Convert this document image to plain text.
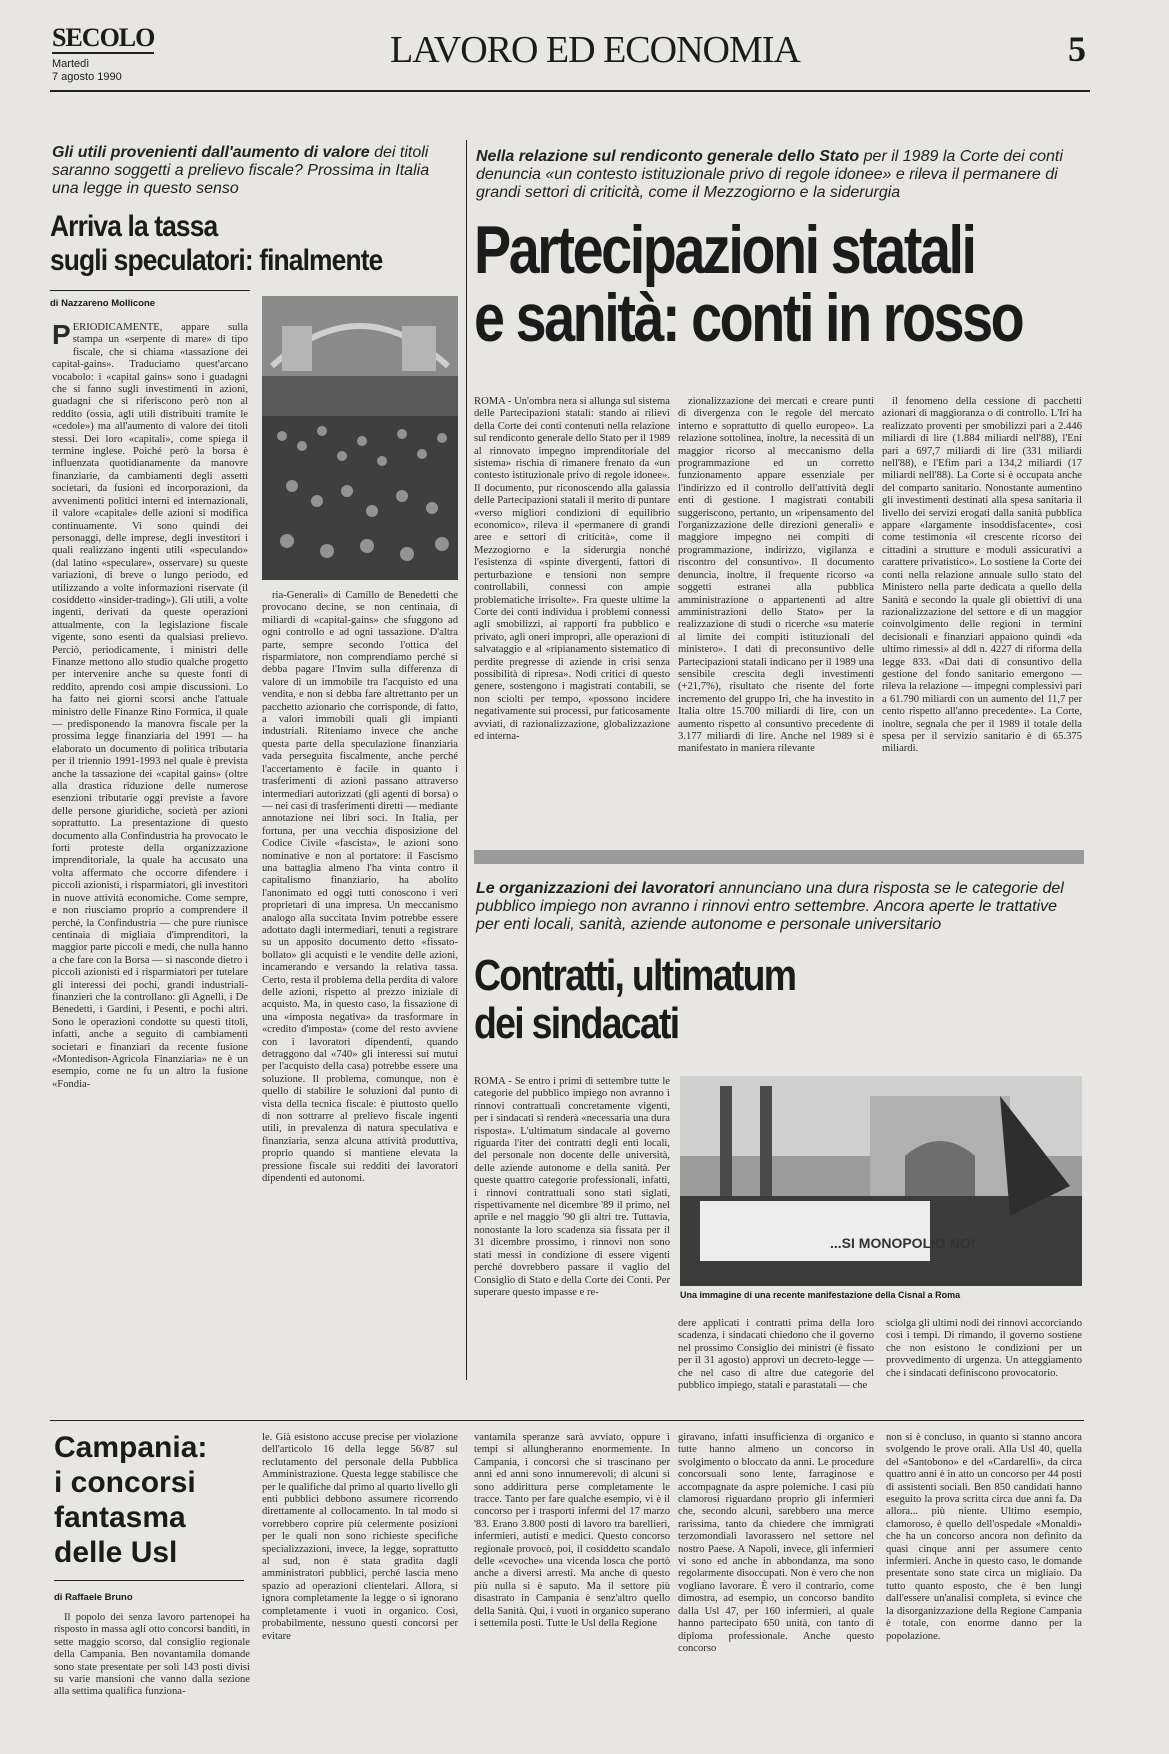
SECOLO
Martedì
7 agosto 1990
LAVORO ED ECONOMIA	5
Gli utili provenienti dall'aumento di valore dei titoli saranno soggetti a prelievo fiscale? Prossima in Italia una legge in questo senso
Arriva la tassa
sugli speculatori: finalmente
di Nazzareno Mollicone

PERIODICAMENTE, appare sulla stampa un «serpente di mare» di tipo fiscale, che si chiama «tassazione dei capital-gains». Traduciamo quest'arcano vocabolo: i «capital gains» sono i guadagni che si fanno sugli investimenti in azioni, guadagni che si riferiscono però non al reddito (ossia, agli utili distribuiti tramite le «cedole») ma all'aumento di valore dei titoli stessi. Dei loro «capitali», come spiega il termine inglese. Poiché però la borsa è influenzata quotidianamente da manovre finanziarie, da cambiamenti degli assetti societari, da fusioni ed incorporazioni, da avvenimenti politici interni ed internazionali, il valore «capitale» delle azioni si modifica continuamente. Vi sono quindi dei personaggi, delle imprese, degli investitori i quali realizzano ingenti utili «speculando» (dal latino «speculare», osservare) su queste variazioni, di breve o lungo periodo, ed utilizzando a volte informazioni riservate (il cosiddetto «insider-trading»). Gli utili, a volte ingenti, derivati da queste operazioni attualmente, con la legislazione fiscale vigente, sono esenti da qualsiasi prelievo. Perciò, periodicamente, i ministri delle Finanze mettono allo studio qualche progetto per intervenire anche su queste fonti di reddito, aprendo così ampie discussioni. Lo ha fatto nei giorni scorsi anche l'attuale ministro delle Finanze Rino Formica, il quale — predisponendo la manovra fiscale per la prossima legge finanziaria del 1991 — ha elaborato un documento di politica tributaria per il triennio 1991-1993 nel quale è prevista anche la tassazione dei «capital gains» (oltre alla drastica riduzione delle numerose esenzioni tributarie oggi previste a favore delle persone giuridiche, società per azioni soprattutto. La presentazione di questo documento alla Confindustria ha provocato le forti proteste della organizzazione imprenditoriale, la quale ha accusato una volta affermato che occorre difendere i piccoli azionisti, i risparmiatori, gli investitori in nuove attività economiche. Come sempre, e non riusciamo proprio a comprendere il perché, la Confindustria — che pure riunisce centinaia di migliaia d'imprenditori, la maggior parte piccoli e medi, che nulla hanno a che fare con la Borsa — si nasconde dietro i piccoli azionisti ed i risparmiatori per tutelare gli interessi dei pochi, grandi industriali-finanzieri che la controllano: gli Agnelli, i De Benedetti, i Gardini, i Pesenti, e pochi altri. Sono le operazioni condotte su questi titoli, infatti, anche a seguito di cambiamenti societari e finanziari da recente fusione «Montedison-Agricola Finanziaria» ne è un esempio, come ne fu un altro la fusione «Fondia-

ria-Generali» di Camillo de Benedetti che provocano decine, se non centinaia, di miliardi di «capital-gains» che sfuggono ad ogni controllo e ad ogni tassazione. D'altra parte, sempre secondo l'ottica del risparmiatore, non comprendiamo perché si debba pagare l'Invim sulla differenza di valore di un immobile tra l'acquisto ed una vendita, e non si debba fare altrettanto per un pacchetto azionario che corrisponde, di fatto, a valori immobili quali gli impianti industriali. Riteniamo invece che anche questa parte della speculazione finanziaria vada perseguita fiscalmente, anche perché l'accertamento è facile in quanto i trasferimenti di azioni passano attraverso intermediari autorizzati (gli agenti di borsa) o — nei casi di trasferimenti diretti — mediante annotazione nei libri soci. In Italia, per fortuna, per una vecchia disposizione del Codice Civile «fascista», le azioni sono nominative e non al portatore: il Fascismo una battaglia almeno l'ha vinta contro il capitalismo finanziario, ha abolito l'anonimato ed oggi tutti conoscono i veri proprietari di una impresa. Un meccanismo analogo alla succitata Invim potrebbe essere adottato dagli intermediari, tenuti a registrare su un apposito documento detto «fissato-bollato» gli acquisti e le vendite delle azioni, incamerando e versando la relativa tassa. Certo, resta il problema della perdita di valore delle azioni, rispetto al prezzo iniziale di acquisto. Ma, in questo caso, la fissazione di una «imposta negativa» da trasformare in «credito d'imposta» (come del resto avviene con i lavoratori dipendenti, quando detraggono dal «740» gli interessi sui mutui per l'acquisto della casa) potrebbe essere una soluzione. Il problema, comunque, non è quello di stabilire le soluzioni dal punto di vista della tecnica fiscale: è piuttosto quello di non sottrarre al prelievo fiscale ingenti utili, in prevalenza di natura speculativa e finanziaria, senza alcuna attività produttiva, proprio quando si mantiene elevata la pressione fiscale sui redditi dei lavoratori dipendenti ed autonomi.

Nella relazione sul rendiconto generale dello Stato per il 1989 la Corte dei conti denuncia «un contesto istituzionale privo di regole idonee» e rileva il permanere di grandi settori di criticità, come il Mezzogiorno e la siderurgia
Partecipazioni statali
e sanità: conti in rosso

ROMA - Un'ombra nera si allunga sul sistema delle Partecipazioni statali: stando ai rilievi della Corte dei conti contenuti nella relazione sul rendiconto generale dello Stato per il 1989 al rinnovato impegno imprenditoriale del sistema» rischia di rimanere frenato da «un contesto istituzionale privo di regole idonee». Il documento, pur riconoscendo alla galassia delle Partecipazioni statali il merito di puntare «verso migliori condizioni di equilibrio economico», rileva il «permanere di grandi aree e settori di criticità», come il Mezzogiorno e la siderurgia nonché l'esistenza di «spinte divergenti, fattori di perturbazione e tensioni non sempre controllabili, connessi con ampie problematiche irrisolte». Fra queste ultime la Corte dei conti individua i problemi connessi agli smobilizzi, ai rapporti fra pubblico e privato, agli oneri impropri, alle operazioni di salvataggio e al «ripianamento sistematico di perdite pregresse di aziende in crisi senza possibilità di ripresa». Nodi critici di questo genere, sostengono i magistrati contabili, se non sciolti per tempo, «possono incidere negativamente sui processi, pur faticosamente avviati, di razionalizzazione, globalizzazione ed interna-

zionalizzazione dei mercati e creare punti di divergenza con le regole del mercato interno e soprattutto di quello europeo». La relazione sottolinea, inoltre, la necessità di un maggior ricorso al meccanismo della programmazione ed un corretto funzionamento appare essenziale per l'indirizzo ed il controllo dell'attività degli enti di gestione. I magistrati contabili suggeriscono, pertanto, un «ripensamento del l'organizzazione delle direzioni generali» e maggiore impegno nei compiti di programmazione, indirizzo, vigilanza e riscontro del consuntivo». Il documento denuncia, inoltre, il frequente ricorso «a soggetti estranei alla pubblica amministrazione o appartenenti ad altre amministrazioni dello Stato» per la realizzazione di studi o ricerche «su materie al limite dei compiti istituzionali del ministero». I dati di preconsuntivo delle Partecipazioni statali indicano per il 1989 una sensibile crescita degli investimenti (+21,7%), risultato che risente del forte incremento del gruppo Iri, che ha investito in Italia oltre 15.700 miliardi di lire, con un aumento rispetto al consuntivo precedente di 3.177 miliardi di lire. Anche nel 1989 si è manifestato in maniera rilevante

il fenomeno della cessione di pacchetti azionari di maggioranza o di controllo. L'Iri ha realizzato proventi per smobilizzi pari a 2.446 miliardi di lire (1.884 miliardi nell'88), l'Eni pari a 697,7 miliardi di lire (331 miliardi nell'88), e l'Efim pari a 134,2 miliardi (17 miliardi nell'88). La Corte si è occupata anche del comparto sanitario. Nonostante aumentino gli investimenti destinati alla spesa sanitaria il livello dei servizi erogati dalla sanità pubblica appare «largamente insoddisfacente», così come testimonia «il crescente ricorso dei cittadini a strutture e moduli assicurativi a carattere privatistico». Lo sostiene la Corte dei conti nella relazione annuale sullo stato del Ministero nella parte dedicata a quello della Sanità e secondo la quale gli obiettivi di una razionalizzazione del settore e di un maggior coinvolgimento delle regioni in termini decisionali e finanziari appaiono quindi «da ultimo rimessi» al ddl n. 4227 di riforma della legge 833. «Dai dati di consuntivo della gestione del fondo sanitario emergono — rileva la relazione — impegni complessivi pari a 61.790 miliardi con un aumento del 11,7 per cento rispetto all'anno precedente». La Corte, inoltre, segnala che per il 1989 il totale della spesa per il servizio sanitario è di 65.375 miliardi.

Le organizzazioni dei lavoratori annunciano una dura risposta se le categorie del pubblico impiego non avranno i rinnovi entro settembre. Ancora aperte le trattative per enti locali, sanità, aziende autonome e personale universitario
Contratti, ultimatum
dei sindacati

ROMA - Se entro i primi di settembre tutte le categorie del pubblico impiego non avranno i rinnovi contrattuali concretamente vigenti, per i sindacati si renderà «necessaria una dura risposta». L'ultimatum sindacale al governo riguarda l'iter dei contratti degli enti locali, del personale non docente delle università, delle aziende autonome e della sanità. Per queste quattro categorie professionali, infatti, i rinnovi contrattuali sono stati siglati, rispettivamente nel dicembre '89 il primo, nel aprile e nel maggio '90 gli altri tre. Tuttavia, nonostante la loro scadenza sia fissata per il 31 dicembre prossimo, i rinnovi non sono stati messi in condizione di essere vigenti perché dovrebbero passare il vaglio del Consiglio di Stato e della Corte dei Conti. Per superare questo impasse e re-

...SI MONOPOLIO NO!
Una immagine di una recente manifestazione della Cisnal a Roma

dere applicati i contratti prima della loro scadenza, i sindacati chiedono che il governo nel prossimo Consiglio dei ministri (è fissato per il 31 agosto) approvi un decreto-legge — che nel caso di altre due categorie del pubblico impiego, statali e parastatali — che

sciolga gli ultimi nodi dei rinnovi accorciando così i tempi. Di rimando, il governo sostiene che non esistono le condizioni per un provvedimento di urgenza. Un atteggiamento che i sindacati definiscono provocatorio.

Campania:
i concorsi
fantasma
delle Usl
di Raffaele Bruno

Il popolo dei senza lavoro partenopei ha risposto in massa agli otto concorsi banditi, in sette maggio scorso, dal consiglio regionale della Campania. Ben novantamila domande sono state presentate per soli 143 posti divisi su varie mansioni che vanno dalla sezione alla settima qualifica funziona-

le. Già esistono accuse precise per violazione dell'articolo 16 della legge 56/87 sul reclutamento del personale della Pubblica Amministrazione. Questa legge stabilisce che per le qualifiche dal primo al quarto livello gli enti pubblici debbono assumere ricorrendo direttamente al collocamento. In tal modo si vorrebbero coprire più celermente posizioni per le quali non sono richieste specifiche specializzazioni, invece, la legge, soprattutto al sud, non è stata gradita dagli amministratori pubblici, perché lascia meno spazio ad operazioni clientelari. Allora, si ignora completamente la legge o si ignorano completamente i vuoti in organico. Così, probabilmente, nessuno questi concorsi per evitare

vantamila speranze sarà avviato, oppure i tempi si allungheranno enormemente. In Campania, i concorsi che si trascinano per anni ed anni sono innumerevoli; di alcuni si sono addirittura perse completamente le tracce. Tanto per fare qualche esempio, vi è il concorso per i trasporti infermi del 17 marzo '83. Erano 3.800 posti di lavoro tra barellieri, infermieri, autisti e medici. Questo concorso regionale provocò, poi, il cosiddetto scandalo delle «cevoche» una vicenda losca che portò anche a diversi arresti. Ma anche di questo più nulla si è saputo. Ma il settore più disastrato in Campania è senz'altro quello della Sanità. Qui, i vuoti in organico superano i settemila posti. Tutte le Usl della Regione

giravano, infatti insufficienza di organico e tutte hanno almeno un concorso in svolgimento o bloccato da anni. Le procedure concorsuali sono lente, farraginose e accompagnate da aspre polemiche. I casi più clamorosi riguardano proprio gli infermieri che, secondo alcuni, sarebbero una merce rarissima, tanto da chiedere che immigrati terzomondiali lavorassero nel settore nel nostro Paese. A Napoli, invece, gli infermieri vi sono ed anche in abbondanza, ma sono regolarmente disoccupati. Non è vero che non vogliano lavorare. È vero il contrario, come dimostra, ad esempio, un concorso bandito dalla Usl 47, per 160 infermieri, al quale hanno partecipato 650 unità, con tanto di diploma professionale. Anche questo concorso

non si è concluso, in quanto si stanno ancora svolgendo le prove orali. Alla Usl 40, quella del «Santobono» e del «Cardarelli», da circa quattro anni è in atto un concorso per 44 posti di assistenti sociali. Ben 850 candidati hanno eseguito la prova scritta circa due anni fa. Da allora... più niente. Ultimo esempio, clamoroso, è quello dell'ospedale «Monaldi» che ha un concorso ancora non definito da quasi cinque anni per assumere cento infermieri. Anche in questo caso, le domande presentate sono state circa un migliaio. Da tutto quanto esposto, che è ben lungi dall'essere un'analisi completa, si evince che la disorganizzazione della Regione Campania è totale, con enorme danno per la popolazione.
